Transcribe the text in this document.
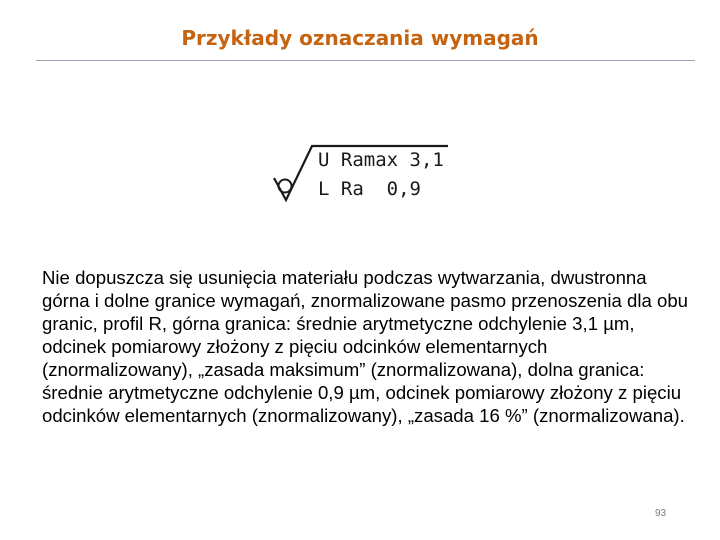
Przykłady oznaczania wymagań
U Ramax 3,1
L Ra  0,9
Nie dopuszcza się usunięcia materiału podczas wytwarzania, dwustronna górna i dolne granice wymagań, znormalizowane pasmo przenoszenia dla obu granic, profil R, górna granica: średnie arytmetyczne odchylenie 3,1 µm, odcinek pomiarowy złożony z pięciu odcinków elementarnych (znormalizowany), „zasada maksimum” (znormalizowana), dolna granica: średnie arytmetyczne odchylenie 0,9 µm, odcinek pomiarowy złożony z pięciu odcinków elementarnych (znormalizowany), „zasada 16 %” (znormalizowana).
93
